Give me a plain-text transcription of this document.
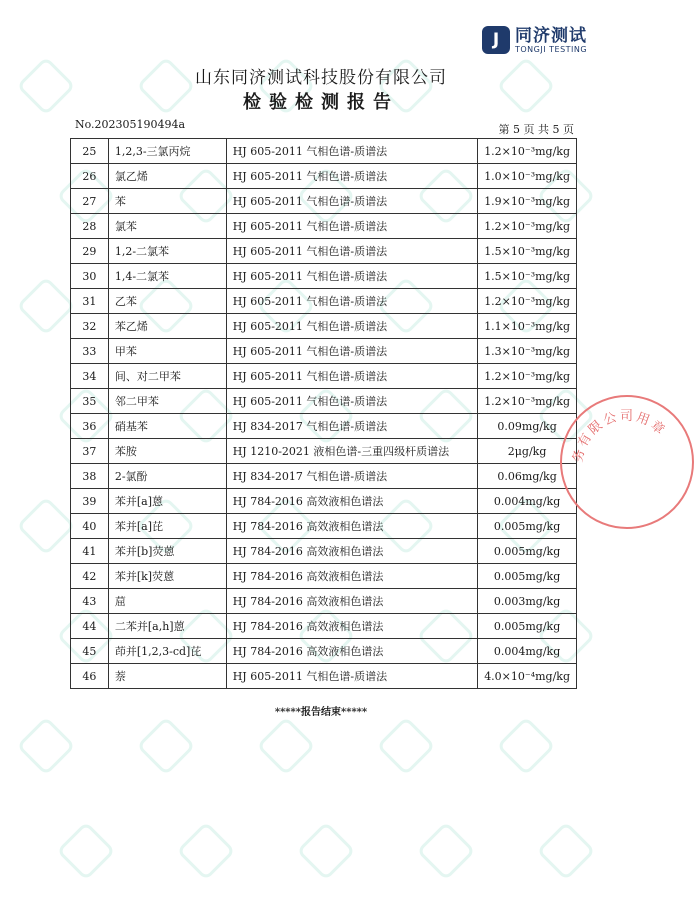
J 同济测试
TONGJI TESTING
山东同济测试科技股份有限公司
检验检测报告
No.202305190494a	第 5 页 共 5 页
25	1,2,3-三氯丙烷	HJ 605-2011 气相色谱-质谱法	1.2×10⁻³mg/kg
26	氯乙烯	HJ 605-2011 气相色谱-质谱法	1.0×10⁻³mg/kg
27	苯	HJ 605-2011 气相色谱-质谱法	1.9×10⁻³mg/kg
28	氯苯	HJ 605-2011 气相色谱-质谱法	1.2×10⁻³mg/kg
29	1,2-二氯苯	HJ 605-2011 气相色谱-质谱法	1.5×10⁻³mg/kg
30	1,4-二氯苯	HJ 605-2011 气相色谱-质谱法	1.5×10⁻³mg/kg
31	乙苯	HJ 605-2011 气相色谱-质谱法	1.2×10⁻³mg/kg
32	苯乙烯	HJ 605-2011 气相色谱-质谱法	1.1×10⁻³mg/kg
33	甲苯	HJ 605-2011 气相色谱-质谱法	1.3×10⁻³mg/kg
34	间、对二甲苯	HJ 605-2011 气相色谱-质谱法	1.2×10⁻³mg/kg
35	邻二甲苯	HJ 605-2011 气相色谱-质谱法	1.2×10⁻³mg/kg
36	硝基苯	HJ 834-2017 气相色谱-质谱法	0.09mg/kg
37	苯胺	HJ 1210-2021 液相色谱-三重四级杆质谱法	2μg/kg
38	2-氯酚	HJ 834-2017 气相色谱-质谱法	0.06mg/kg
39	苯并[a]蒽	HJ 784-2016 高效液相色谱法	0.004mg/kg
40	苯并[a]芘	HJ 784-2016 高效液相色谱法	0.005mg/kg
41	苯并[b]荧蒽	HJ 784-2016 高效液相色谱法	0.005mg/kg
42	苯并[k]荧蒽	HJ 784-2016 高效液相色谱法	0.005mg/kg
43	䓛	HJ 784-2016 高效液相色谱法	0.003mg/kg
44	二苯并[a,h]蒽	HJ 784-2016 高效液相色谱法	0.005mg/kg
45	茚并[1,2,3-cd]芘	HJ 784-2016 高效液相色谱法	0.004mg/kg
46	萘	HJ 605-2011 气相色谱-质谱法	4.0×10⁻⁴mg/kg
*****报告结束*****
务
有
限
公 司 用
章
